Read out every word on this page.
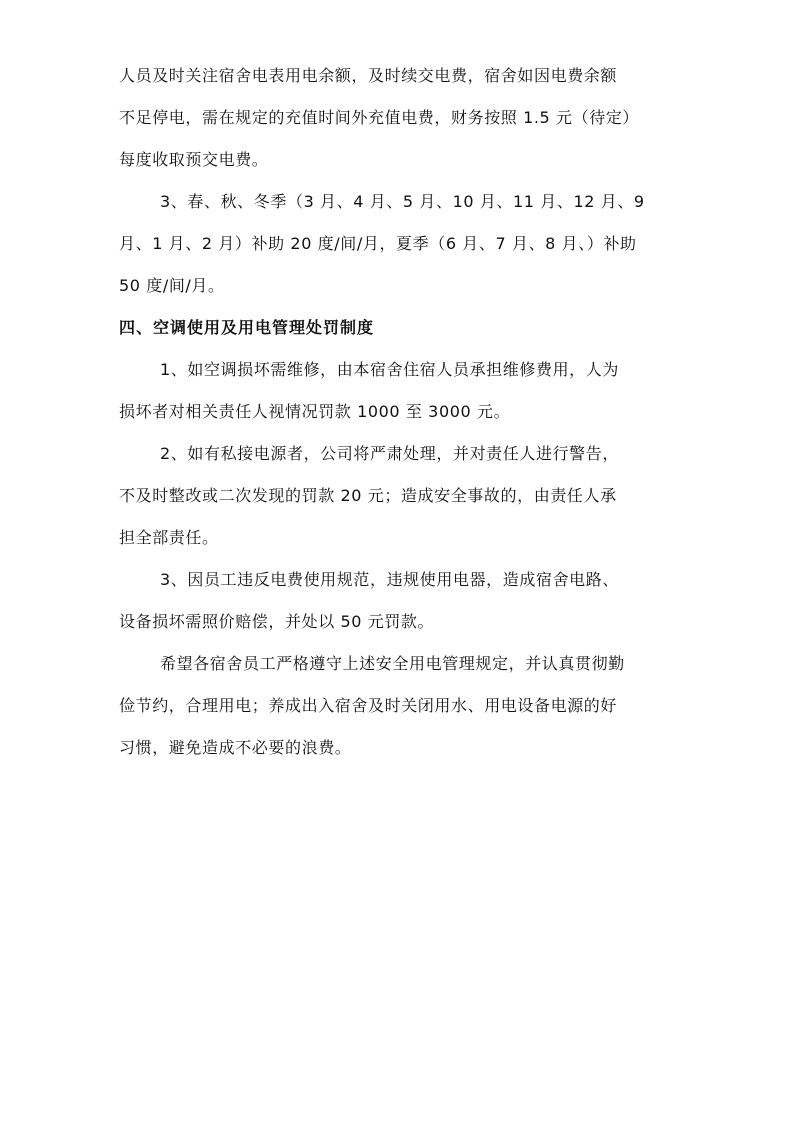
人员及时关注宿舍电表用电余额，及时续交电费，宿舍如因电费余额
不足停电，需在规定的充值时间外充值电费，财务按照 1.5 元（待定）
每度收取预交电费。
3、春、秋、冬季（3 月、4 月、5 月、10 月、11 月、12 月、9
月、1 月、2 月）补助 20 度/间/月，夏季（6 月、7 月、8 月、）补助
50 度/间/月。
四、空调使用及用电管理处罚制度
1、如空调损坏需维修，由本宿舍住宿人员承担维修费用，人为
损坏者对相关责任人视情况罚款 1000 至 3000 元。
2、如有私接电源者，公司将严肃处理，并对责任人进行警告，
不及时整改或二次发现的罚款 20 元；造成安全事故的，由责任人承
担全部责任。
3、因员工违反电费使用规范，违规使用电器，造成宿舍电路、
设备损坏需照价赔偿，并处以 50 元罚款。
希望各宿舍员工严格遵守上述安全用电管理规定，并认真贯彻勤
俭节约，合理用电；养成出入宿舍及时关闭用水、用电设备电源的好
习惯，避免造成不必要的浪费。
